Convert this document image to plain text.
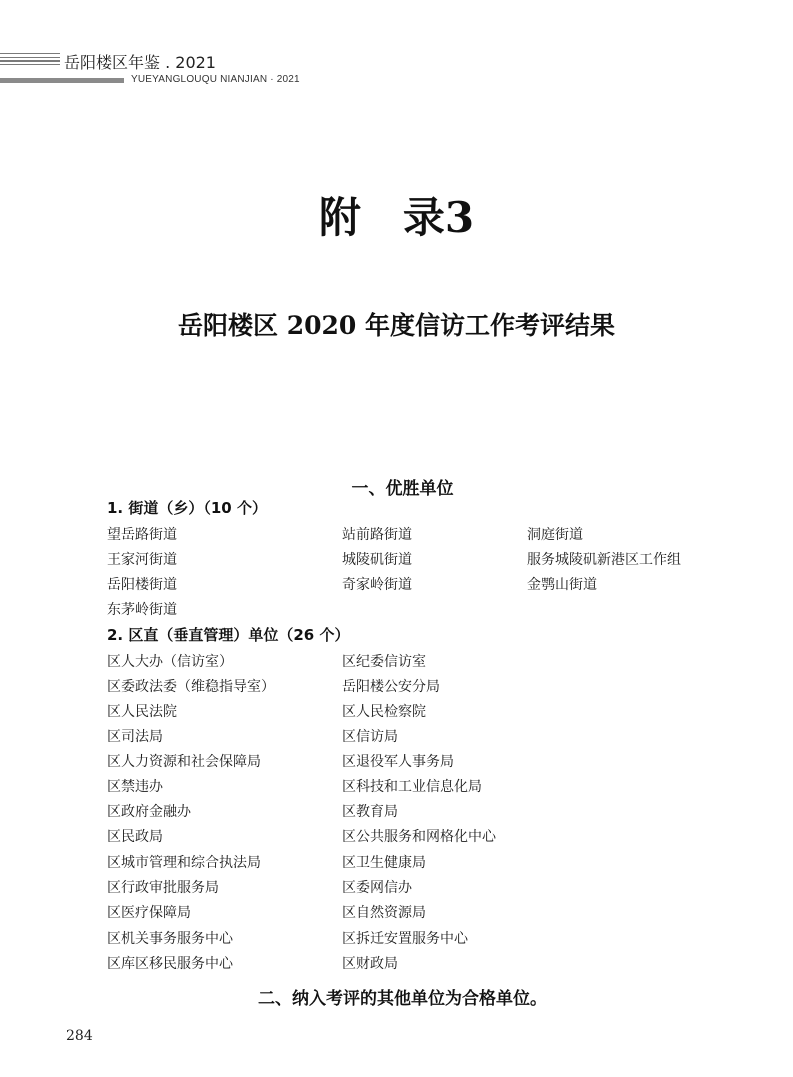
岳阳楼区年鉴 . 2021
YUEYANGLOUQU NIANJIAN · 2021
附　录3
岳阳楼区 2020 年度信访工作考评结果
一、优胜单位
1. 街道（乡）（10 个）
望岳路街道	站前路街道	洞庭街道
王家河街道	城陵矶街道	服务城陵矶新港区工作组
岳阳楼街道	奇家岭街道	金鹗山街道
东茅岭街道
2. 区直（垂直管理）单位（26 个）
区人大办（信访室）	区纪委信访室
区委政法委（维稳指导室）	岳阳楼公安分局
区人民法院	区人民检察院
区司法局	区信访局
区人力资源和社会保障局	区退役军人事务局
区禁违办	区科技和工业信息化局
区政府金融办	区教育局
区民政局	区公共服务和网格化中心
区城市管理和综合执法局	区卫生健康局
区行政审批服务局	区委网信办
区医疗保障局	区自然资源局
区机关事务服务中心	区拆迁安置服务中心
区库区移民服务中心	区财政局
二、纳入考评的其他单位为合格单位。
284
